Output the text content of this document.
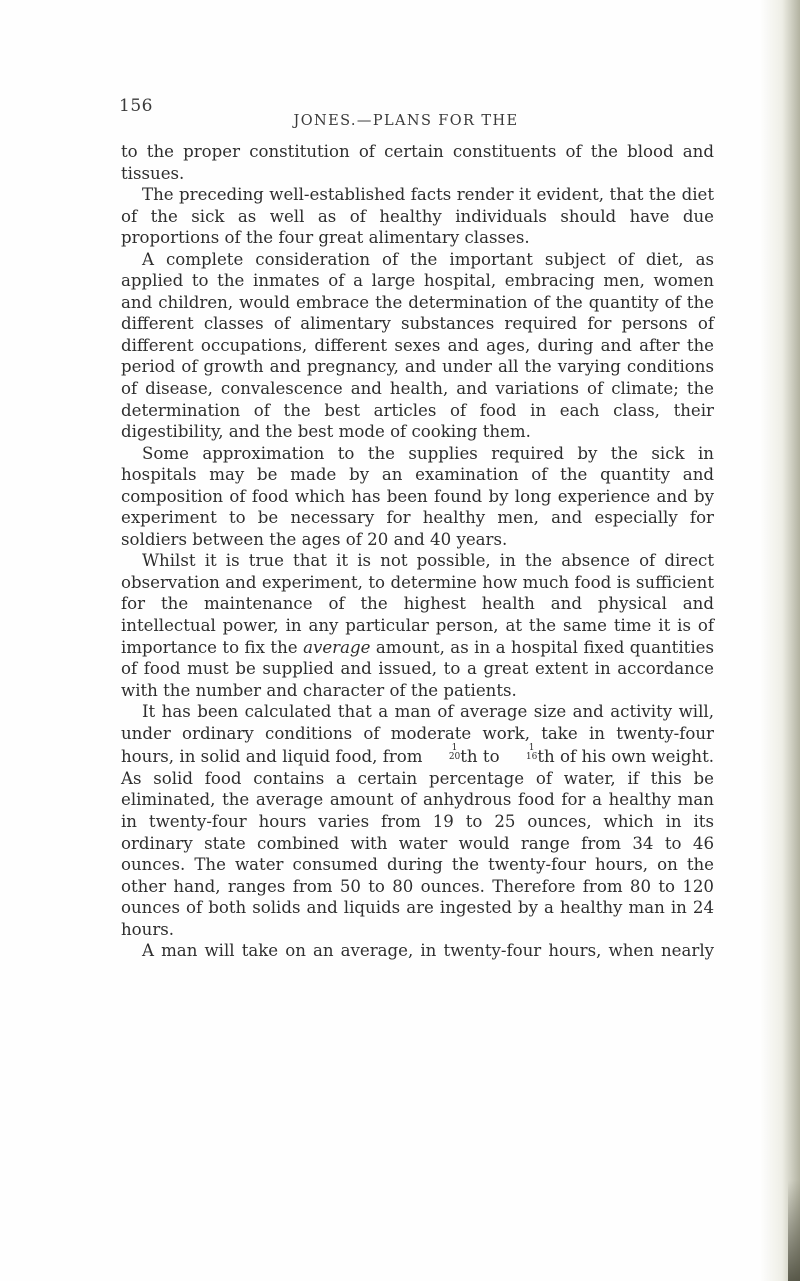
156
JONES.—PLANS FOR THE

to the proper constitution of certain constituents of the blood and tissues.

The preceding well-established facts render it evident, that the diet of the sick as well as of healthy individuals should have due proportions of the four great alimentary classes.

A complete consideration of the important subject of diet, as applied to the inmates of a large hospital, embracing men, women and children, would embrace the determination of the quantity of the different classes of alimentary substances required for persons of different occupations, different sexes and ages, during and after the period of growth and pregnancy, and under all the varying conditions of disease, convalescence and health, and variations of climate; the determination of the best articles of food in each class, their digestibility, and the best mode of cooking them.

Some approximation to the supplies required by the sick in hospitals may be made by an examination of the quantity and composition of food which has been found by long experience and by experiment to be necessary for healthy men, and especially for soldiers between the ages of 20 and 40 years.

Whilst it is true that it is not possible, in the absence of direct observation and experiment, to determine how much food is sufficient for the maintenance of the highest health and physical and intellectual power, in any particular person, at the same time it is of importance to fix the average amount, as in a hospital fixed quantities of food must be supplied and issued, to a great extent in accordance with the number and character of the patients.

It has been calculated that a man of average size and activity will, under ordinary conditions of moderate work, take in twenty-four hours, in solid and liquid food, from	1
20 th to	1
16 th of his own weight. As solid food contains a certain percentage of water, if this be eliminated, the average amount of anhydrous food for a healthy man in twenty-four hours varies from 19 to 25 ounces, which in its ordinary state combined with water would range from 34 to 46 ounces. The water consumed during the twenty-four hours, on the other hand, ranges from 50 to 80 ounces. Therefore from 80 to 120 ounces of both solids and liquids are ingested by a healthy man in 24 hours.

A man will take on an average, in twenty-four hours, when nearly
